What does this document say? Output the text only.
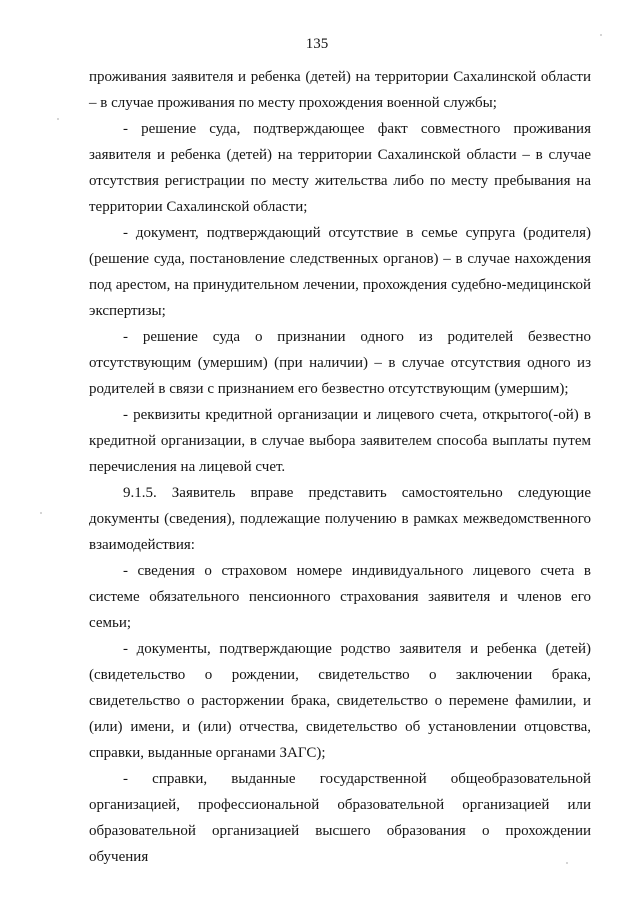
135

проживания заявителя и ребенка (детей) на территории Сахалинской области – в случае проживания по месту прохождения военной службы;

- решение суда, подтверждающее факт совместного проживания заявителя и ребенка (детей) на территории Сахалинской области – в случае отсутствия регистрации по месту жительства либо по месту пребывания на территории Сахалинской области;

- документ, подтверждающий отсутствие в семье супруга (родителя) (решение суда, постановление следственных органов) – в случае нахождения под арестом, на принудительном лечении, прохождения судебно-медицинской экспертизы;

- решение суда о признании одного из родителей безвестно отсутствующим (умершим) (при наличии) – в случае отсутствия одного из родителей в связи с признанием его безвестно отсутствующим (умершим);

- реквизиты кредитной организации и лицевого счета, открытого(-ой) в кредитной организации, в случае выбора заявителем способа выплаты путем перечисления на лицевой счет.

9.1.5. Заявитель вправе представить самостоятельно следующие документы (сведения), подлежащие получению в рамках межведомственного взаимодействия:

- сведения о страховом номере индивидуального лицевого счета в системе обязательного пенсионного страхования заявителя и членов его семьи;

- документы, подтверждающие родство заявителя и ребенка (детей) (свидетельство о рождении, свидетельство о заключении брака, свидетельство о расторжении брака, свидетельство о перемене фамилии, и (или) имени, и (или) отчества, свидетельство об установлении отцовства, справки, выданные органами ЗАГС);

- справки, выданные государственной общеобразовательной организацией, профессиональной образовательной организацией или образовательной организацией высшего образования о прохождении обучения
